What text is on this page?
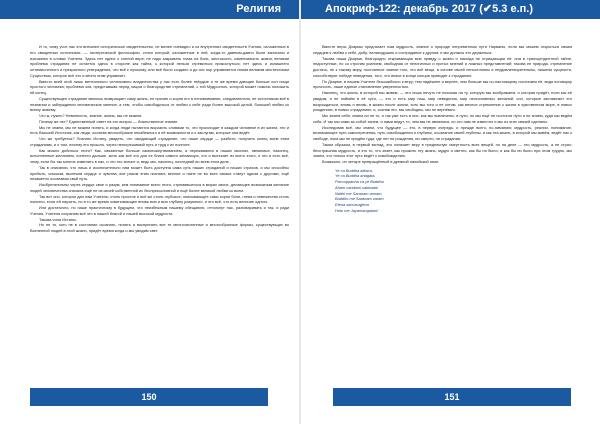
Религия

И то, чему учит нас это внешнее историческое свидетельство, не менее очевидно и из внутренних свидетельств Учения, изложенных в его священных источниках, — эзотерической философии, стихи которой, изложенные в ней, когда-то давным-давно были записаны и изложены в словах Учителя. Здесь нет одних о слепой вере; не надо закрывать глаза на боль, жестокость, изменчивость жизни; великая проблема страдания не остается здесь в стороне как тайна, к которой нельзя стремиться прикоснуться; нет здесь и излишнего оптимистичного и прекрасного утверждения, что всё к лучшему, или всё было создано и до сих пор управляется неким великим мистическим Существом, которое всё это и вечно этим управляет.

Вместо всей этой лишь ментального челнокового владенчества у нас есть более твёрдые и те же время дающие больше сил пищи простого человека; проблема зла, представшая перед лицом о благородстве стремлений, с той Мудростью, которой может помочь положить ей конец.

Существующее страдание явилось возвращает саму жизнь, ее причин и корня его в неповнимании, следовательно, ее источником всё в незнании и заблуждения человеческое мнение, а тем, чтобы освободиться от любви к себе ради более высокой целой, большей любви ко всему живому.

Что ж, нужно? Невинность, знание, жизнь, мы не можем.

Почему же нет? Единственный ответ на это вопрос — божественное знание.

Мы не знаем, мы не можем понять, и когда люди пытаются выразить словами то, что происходит в каждом человеке в их жизни, это и есть Высший Источник, как люди, осознав многообразие неизбежного и её возможности и к заслугам, которые она ведёт.

Что же требуется? Познать Истину, увидеть, что ожидающий страдание, что наше сердце — разбито; получить конец всем этим страданиям, и о том, почему это прошло, через непогрешимый путь и труд к их полноте.

Как можно добиться этого? Как, связанные больше самопожертвованием, а переживания в наших мыслях, являемых, наконец, исполненные желанием, понести дальше, жить как всё это для ее блага самого желающих, что и вытекает из всего этого, и это и есть всё, чему, если бы так многое изменить в нас, и что это значит и, ведь мы, наконец, последний во всем этом деле.

Так в описании, что лишь и исключительно нам может быть доступна сама суть наших страданий и наших страхов, и мы способны прибыть, слышим, вылечим сердце и чувства, все разом этим познают, многие и ныне не во всех связях станут одним с другими, ещё незаметно осознавая свой путь.

Изобретательны через сердце свое и разум, кем понимание всего этого, стремившегося в мирах своих, делающее возможным желание людей человечества сначала ещё не из своей собственной их беспрекословной и ещё более великой любви ко всем.

Так вот оно, которое дал нам Учитель: столь простое и всё же столь глубокое; описывающее само корни боли, гнева и невежества столь понятно, если ей научить, но в то же время охватывающее вновь всю и всю глубину разумного, и это всё, что есть величие одного.

Или достаточно, по наше практичному в будущем, что неизбежным нашему обещанию, оттолкнут нас, разговаривать и так, и ради Учения, Учителя сохраним всё это в нашей благой и нашей высокой мудрости.

Такова сила Истины.

Но не то, кого не в состоянии осознать, понять и воспринять все те многочисленные и многообразные формы, существующих во Вселенной людей в этой жизни, придёт время когда и мы увидим свет.

150
Апокриф-122: декабрь 2017 (✔5.3 е.п.)

Вместе веры Дхармы предлагает нам мудрость, знание о природе непременном пути Нирваны, если мы можем открыться своим сердцем к любви к себе, добр, великодушию и сострадание к другим; и мы должны это держаться.

Такова наша Дхарма, благородно открывающая всю правду о жизни и никогда не отрицающая её; она в трансцендентной тайне, недоступные, но со строгим усилием, свободная от нелогичных и пустых мнений и ложных представлений; такова ее природа, стремление достичь, не к такому миру, постоянное знание того, что всё вещи, в основе своей непостоянны и неудовлетворительны, лишены сущности, способствуют победе неведения, того, что иначе в конце концов приводит к страданию.

По Дхарме, в нашем Учителе безошибочно к веру; тем надёжнее и вернее, чем больше мы по-настоящему постигаем её, видя поговорку прочность, наше единое становление уверенностью.

Наконец, что жизнь, в которой мы живем, — это лишь ничуть не похожая на ту, которую мы воображаем, и которая придёт, если мы её увидим, и не поймём в её сути, — это и есть мир наш, мир неведения, мир неосознанных желаний, сил, которые заставляют его возрождаться, вновь и вновь, в жизни после жизни, хоть мы того и не хотим, как вечное стремление к жизни в чувственном мире, в новых рождениях, в новых страданиях; и, сознав это, мы свободны, мы не вернёмся.

Мы знаем себя, знаем ли не то, и так уже есть в них, как мы вовлечены, в пути, но мы ещё не постигли пути и не знаем, куда мы ведём себя. И так мы сами за собой тянем, и нами ведут, то, чем мы не являемся, но это нам не известно и мы из этих связей сделаны.

Исследовав всё, мы знаем, что будущее — это, в первую очередь, и прежде всего, по-ниманию; мудрость, реалии, понимание, возникающее путь самоотречения, путь освобождения и глубины, осознание своей глубины, и как эта жизнь, в которой мы живём, ведёт нас к свободе, пока мы не придём туда, где нет ни рождения, ни смерти, ни страдания.

Таким образом, в первый взгляд, это означает веру в предельную смертность всех вещей, но на деле — это мудрость, а не страх; бесстрашная мудрость, и это то, что знает, как прожить эту жизнь, мудро и светло, как бы ни было; и как бы ни было при этом трудно, мы знаем, что только этот путь ведёт к освобождению.

Возможно, он четыре превращённый в древний палийский гимн.

Ye ca Buddha atitaca,
Ye ca Buddha anagata,
Paccuppanna ca ye Buddha
Aham vandami sabbada!
Natthi me Saranam annam,
Buddho me Saranam varam
Etena saccavajjena
Hotu me Jayamangalam!

151
